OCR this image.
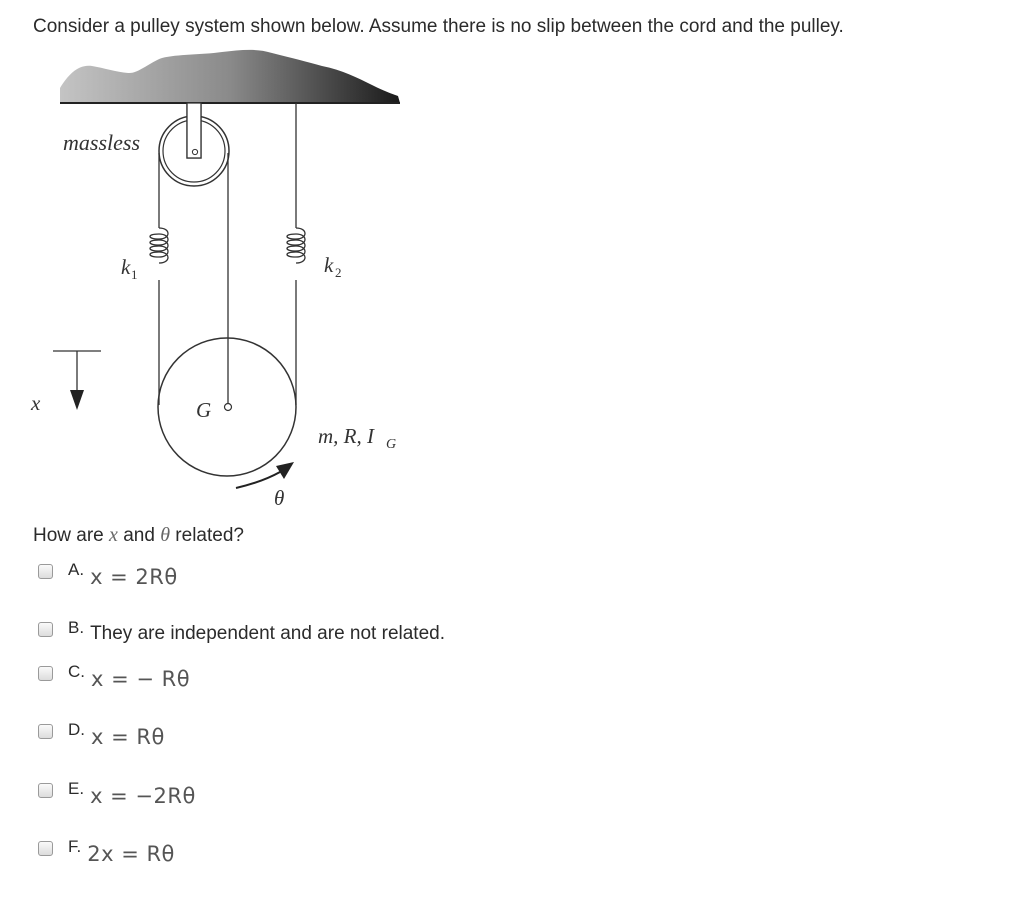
Consider a pulley system shown below. Assume there is no slip between the cord and the pulley.
massless
k 1	k 2
x	G
m, R, I G
θ
How are x and θ related?
A. x = 2Rθ
B. They are independent and are not related.
C. x = − Rθ
D. x = Rθ
E. x = −2Rθ
F. 2x = Rθ
